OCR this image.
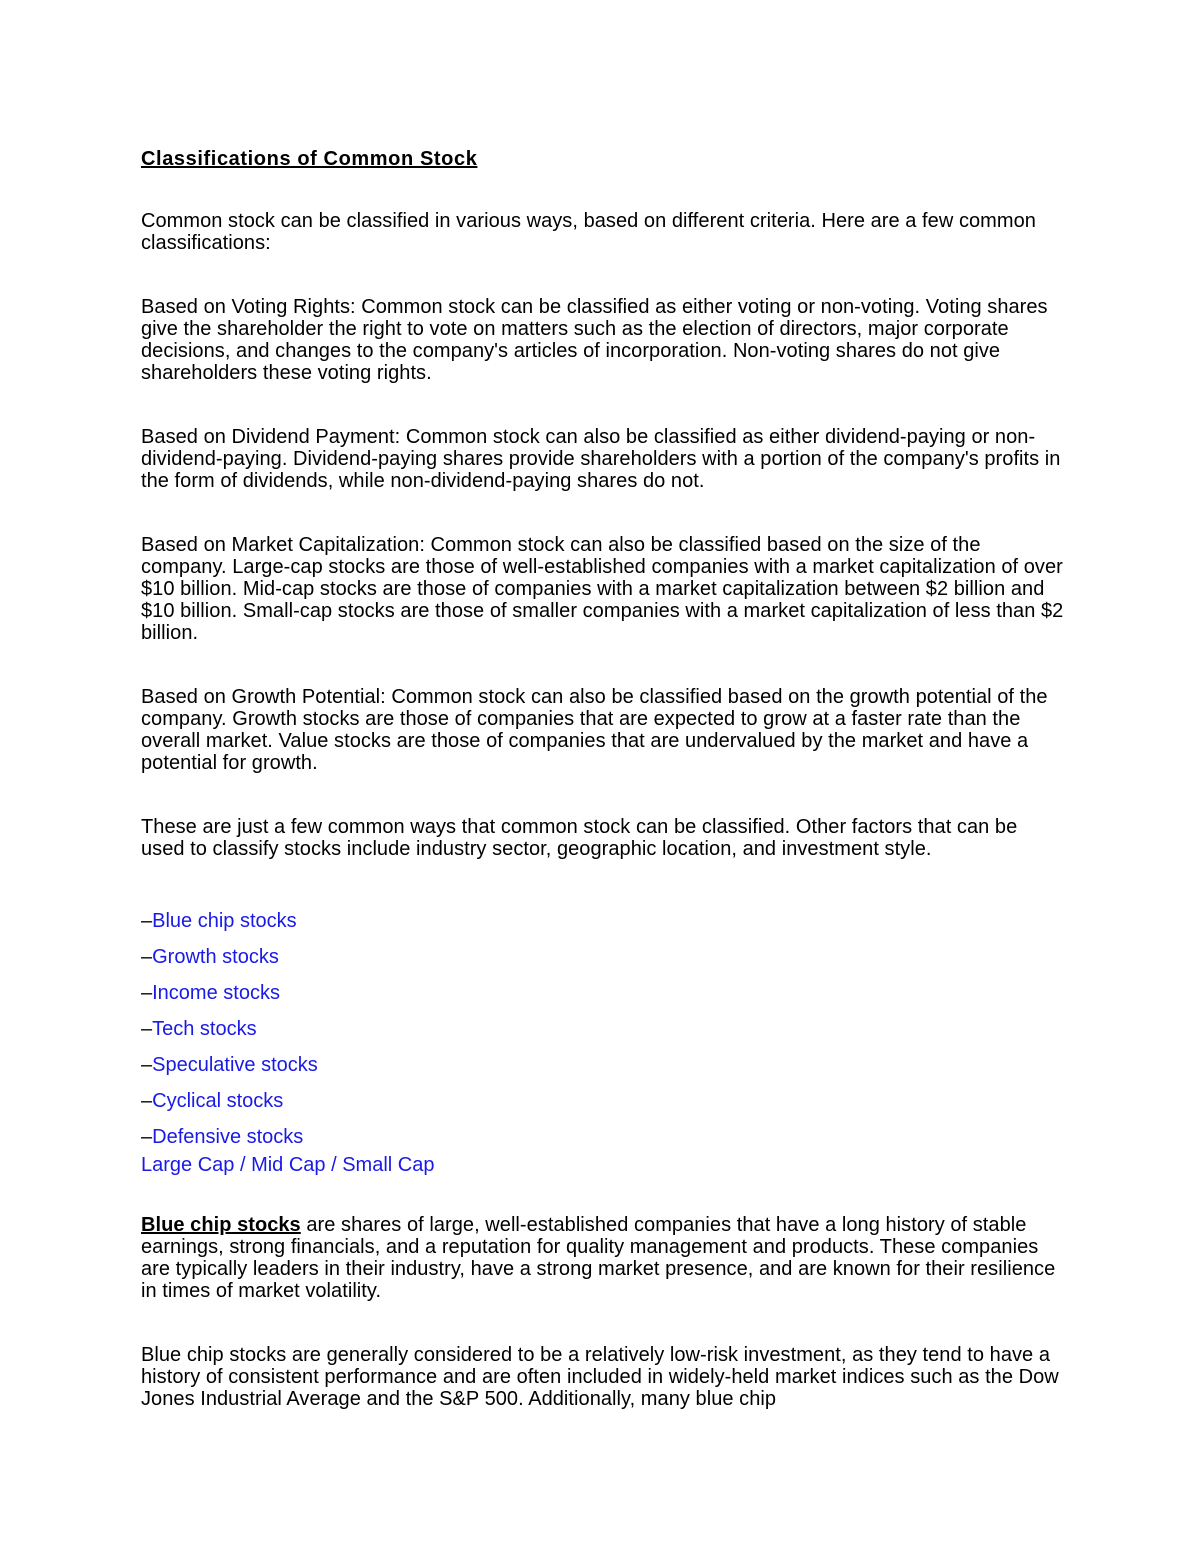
Classifications of Common Stock

Common stock can be classified in various ways, based on different criteria. Here are a few common classifications:

Based on Voting Rights: Common stock can be classified as either voting or non-voting. Voting shares give the shareholder the right to vote on matters such as the election of directors, major corporate decisions, and changes to the company's articles of incorporation. Non-voting shares do not give shareholders these voting rights.

Based on Dividend Payment: Common stock can also be classified as either dividend-paying or non-dividend-paying. Dividend-paying shares provide shareholders with a portion of the company's profits in the form of dividends, while non-dividend-paying shares do not.

Based on Market Capitalization: Common stock can also be classified based on the size of the company. Large-cap stocks are those of well-established companies with a market capitalization of over $10 billion. Mid-cap stocks are those of companies with a market capitalization between $2 billion and $10 billion. Small-cap stocks are those of smaller companies with a market capitalization of less than $2 billion.

Based on Growth Potential: Common stock can also be classified based on the growth potential of the company. Growth stocks are those of companies that are expected to grow at a faster rate than the overall market. Value stocks are those of companies that are undervalued by the market and have a potential for growth.

These are just a few common ways that common stock can be classified. Other factors that can be used to classify stocks include industry sector, geographic location, and investment style.

–Blue chip stocks
–Growth stocks
–Income stocks
–Tech stocks
–Speculative stocks
–Cyclical stocks
–Defensive stocks
Large Cap / Mid Cap / Small Cap

Blue chip stocks are shares of large, well-established companies that have a long history of stable earnings, strong financials, and a reputation for quality management and products. These companies are typically leaders in their industry, have a strong market presence, and are known for their resilience in times of market volatility.

Blue chip stocks are generally considered to be a relatively low-risk investment, as they tend to have a history of consistent performance and are often included in widely-held market indices such as the Dow Jones Industrial Average and the S&P 500. Additionally, many blue chip
